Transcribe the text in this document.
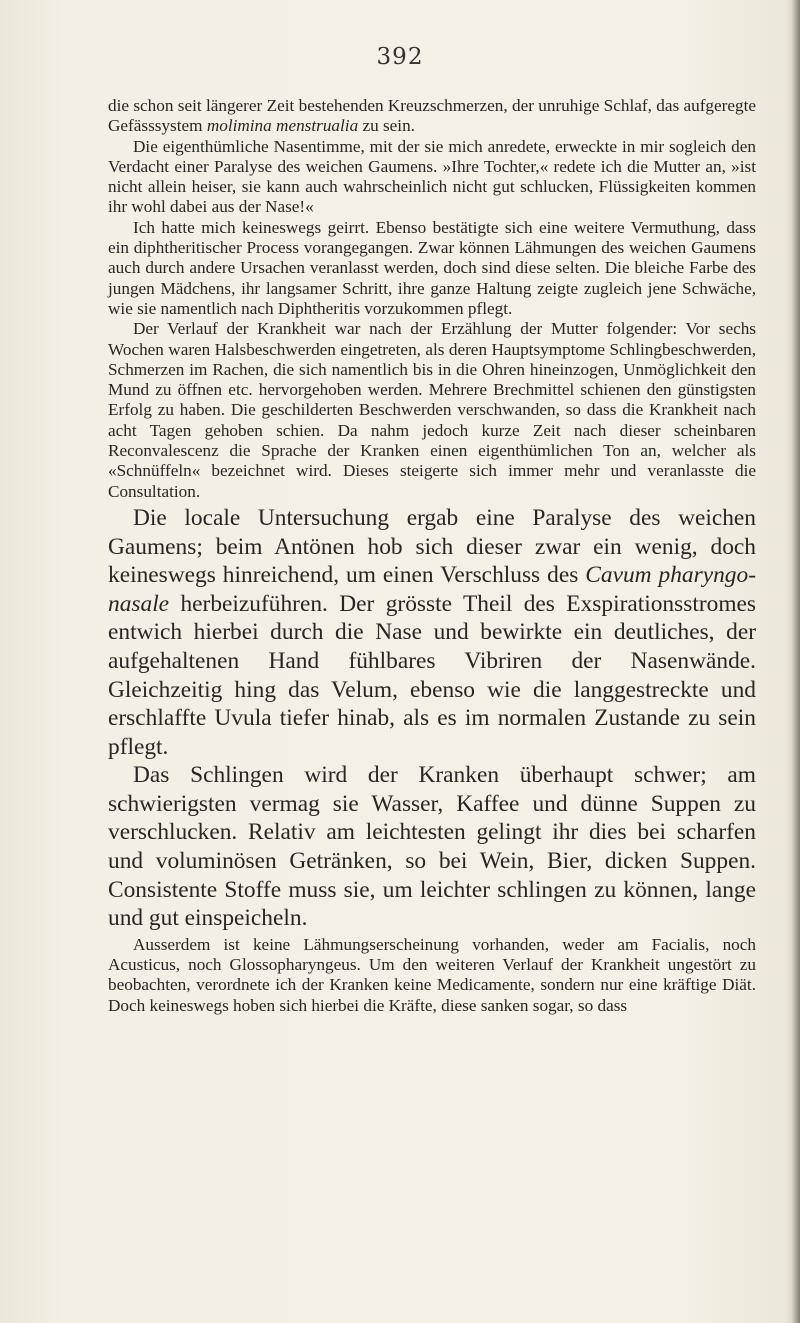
392

die schon seit längerer Zeit bestehenden Kreuzschmerzen, der unruhige Schlaf, das aufgeregte Gefässsystem molimina menstrualia zu sein.

Die eigenthümliche Nasentimme, mit der sie mich anredete, erweckte in mir sogleich den Verdacht einer Paralyse des weichen Gaumens. »Ihre Tochter,« redete ich die Mutter an, »ist nicht allein heiser, sie kann auch wahrscheinlich nicht gut schlucken, Flüssigkeiten kommen ihr wohl dabei aus der Nase!«

Ich hatte mich keineswegs geirrt. Ebenso bestätigte sich eine weitere Vermuthung, dass ein diphtheritischer Process vorangegangen. Zwar können Lähmungen des weichen Gaumens auch durch andere Ursachen veranlasst werden, doch sind diese selten. Die bleiche Farbe des jungen Mädchens, ihr langsamer Schritt, ihre ganze Haltung zeigte zugleich jene Schwäche, wie sie namentlich nach Diphtheritis vorzukommen pflegt.

Der Verlauf der Krankheit war nach der Erzählung der Mutter folgender: Vor sechs Wochen waren Halsbeschwerden eingetreten, als deren Hauptsymptome Schlingbeschwerden, Schmerzen im Rachen, die sich namentlich bis in die Ohren hineinzogen, Unmöglichkeit den Mund zu öffnen etc. hervorgehoben werden. Mehrere Brechmittel schienen den günstigsten Erfolg zu haben. Die geschilderten Beschwerden verschwanden, so dass die Krankheit nach acht Tagen gehoben schien. Da nahm jedoch kurze Zeit nach dieser scheinbaren Reconvalescenz die Sprache der Kranken einen eigenthümlichen Ton an, welcher als «Schnüffeln« bezeichnet wird. Dieses steigerte sich immer mehr und veranlasste die Consultation.

Die locale Untersuchung ergab eine Paralyse des weichen Gaumens; beim Antönen hob sich dieser zwar ein wenig, doch keineswegs hinreichend, um einen Verschluss des Cavum pharyngo-nasale herbeizuführen. Der grösste Theil des Exspirationsstromes entwich hierbei durch die Nase und bewirkte ein deutliches, der aufgehaltenen Hand fühlbares Vibriren der Nasenwände. Gleichzeitig hing das Velum, ebenso wie die langgestreckte und erschlaffte Uvula tiefer hinab, als es im normalen Zustande zu sein pflegt.

Das Schlingen wird der Kranken überhaupt schwer; am schwierigsten vermag sie Wasser, Kaffee und dünne Suppen zu verschlucken. Relativ am leichtesten gelingt ihr dies bei scharfen und voluminösen Getränken, so bei Wein, Bier, dicken Suppen. Consistente Stoffe muss sie, um leichter schlingen zu können, lange und gut einspeicheln.

Ausserdem ist keine Lähmungserscheinung vorhanden, weder am Facialis, noch Acusticus, noch Glossopharyngeus. Um den weiteren Verlauf der Krankheit ungestört zu beobachten, verordnete ich der Kranken keine Medicamente, sondern nur eine kräftige Diät. Doch keineswegs hoben sich hierbei die Kräfte, diese sanken sogar, so dass
